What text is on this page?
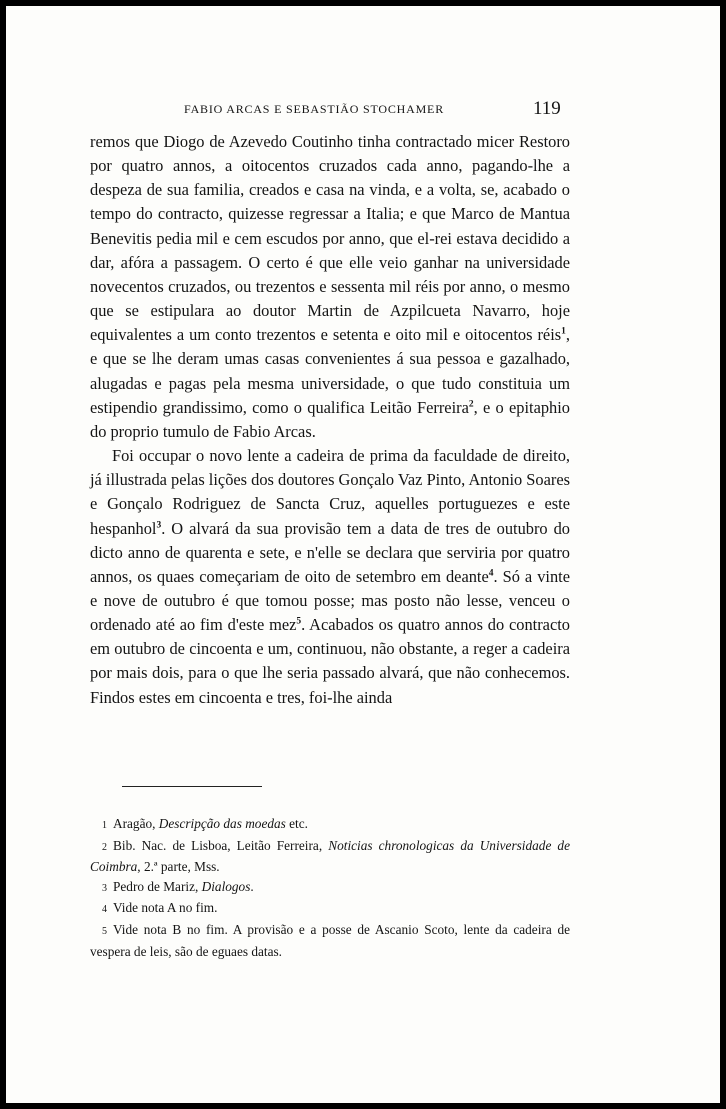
FABIO ARCAS E SEBASTIÃO STOCHAMER	119

remos que Diogo de Azevedo Coutinho tinha contractado micer Restoro por quatro annos, a oitocentos cruzados cada anno, pagando-lhe a despeza de sua familia, creados e casa na vinda, e a volta, se, acabado o tempo do contracto, quizesse regressar a Italia; e que Marco de Mantua Benevitis pedia mil e cem escudos por anno, que el-rei estava decidido a dar, afóra a passagem. O certo é que elle veio ganhar na universidade novecentos cruzados, ou trezentos e sessenta mil réis por anno, o mesmo que se estipulara ao doutor Martin de Azpilcueta Navarro, hoje equivalentes a um conto trezentos e setenta e oito mil e oitocentos réis$^1$, e que se lhe deram umas casas convenientes á sua pessoa e gazalhado, alugadas e pagas pela mesma universidade, o que tudo constituia um estipendio grandissimo, como o qualifica Leitão Ferreira$^2$, e o epitaphio do proprio tumulo de Fabio Arcas.

Foi occupar o novo lente a cadeira de prima da faculdade de direito, já illustrada pelas lições dos doutores Gonçalo Vaz Pinto, Antonio Soares e Gonçalo Rodriguez de Sancta Cruz, aquelles portuguezes e este hespanhol$^3$. O alvará da sua provisão tem a data de tres de outubro do dicto anno de quarenta e sete, e n'elle se declara que serviria por quatro annos, os quaes começariam de oito de setembro em deante$^4$. Só a vinte e nove de outubro é que tomou posse; mas posto não lesse, venceu o ordenado até ao fim d'este mez$^5$. Acabados os quatro annos do contracto em outubro de cincoenta e um, continuou, não obstante, a reger a cadeira por mais dois, para o que lhe seria passado alvará, que não conhecemos. Findos estes em cincoenta e tres, foi-lhe ainda

1 Aragão, Descripção das moedas etc.

2 Bib. Nac. de Lisboa, Leitão Ferreira, Noticias chronologicas da Universidade de Coimbra, 2.ª parte, Mss.

3 Pedro de Mariz, Dialogos.

4 Vide nota A no fim.

5 Vide nota B no fim. A provisão e a posse de Ascanio Scoto, lente da cadeira de vespera de leis, são de eguaes datas.
